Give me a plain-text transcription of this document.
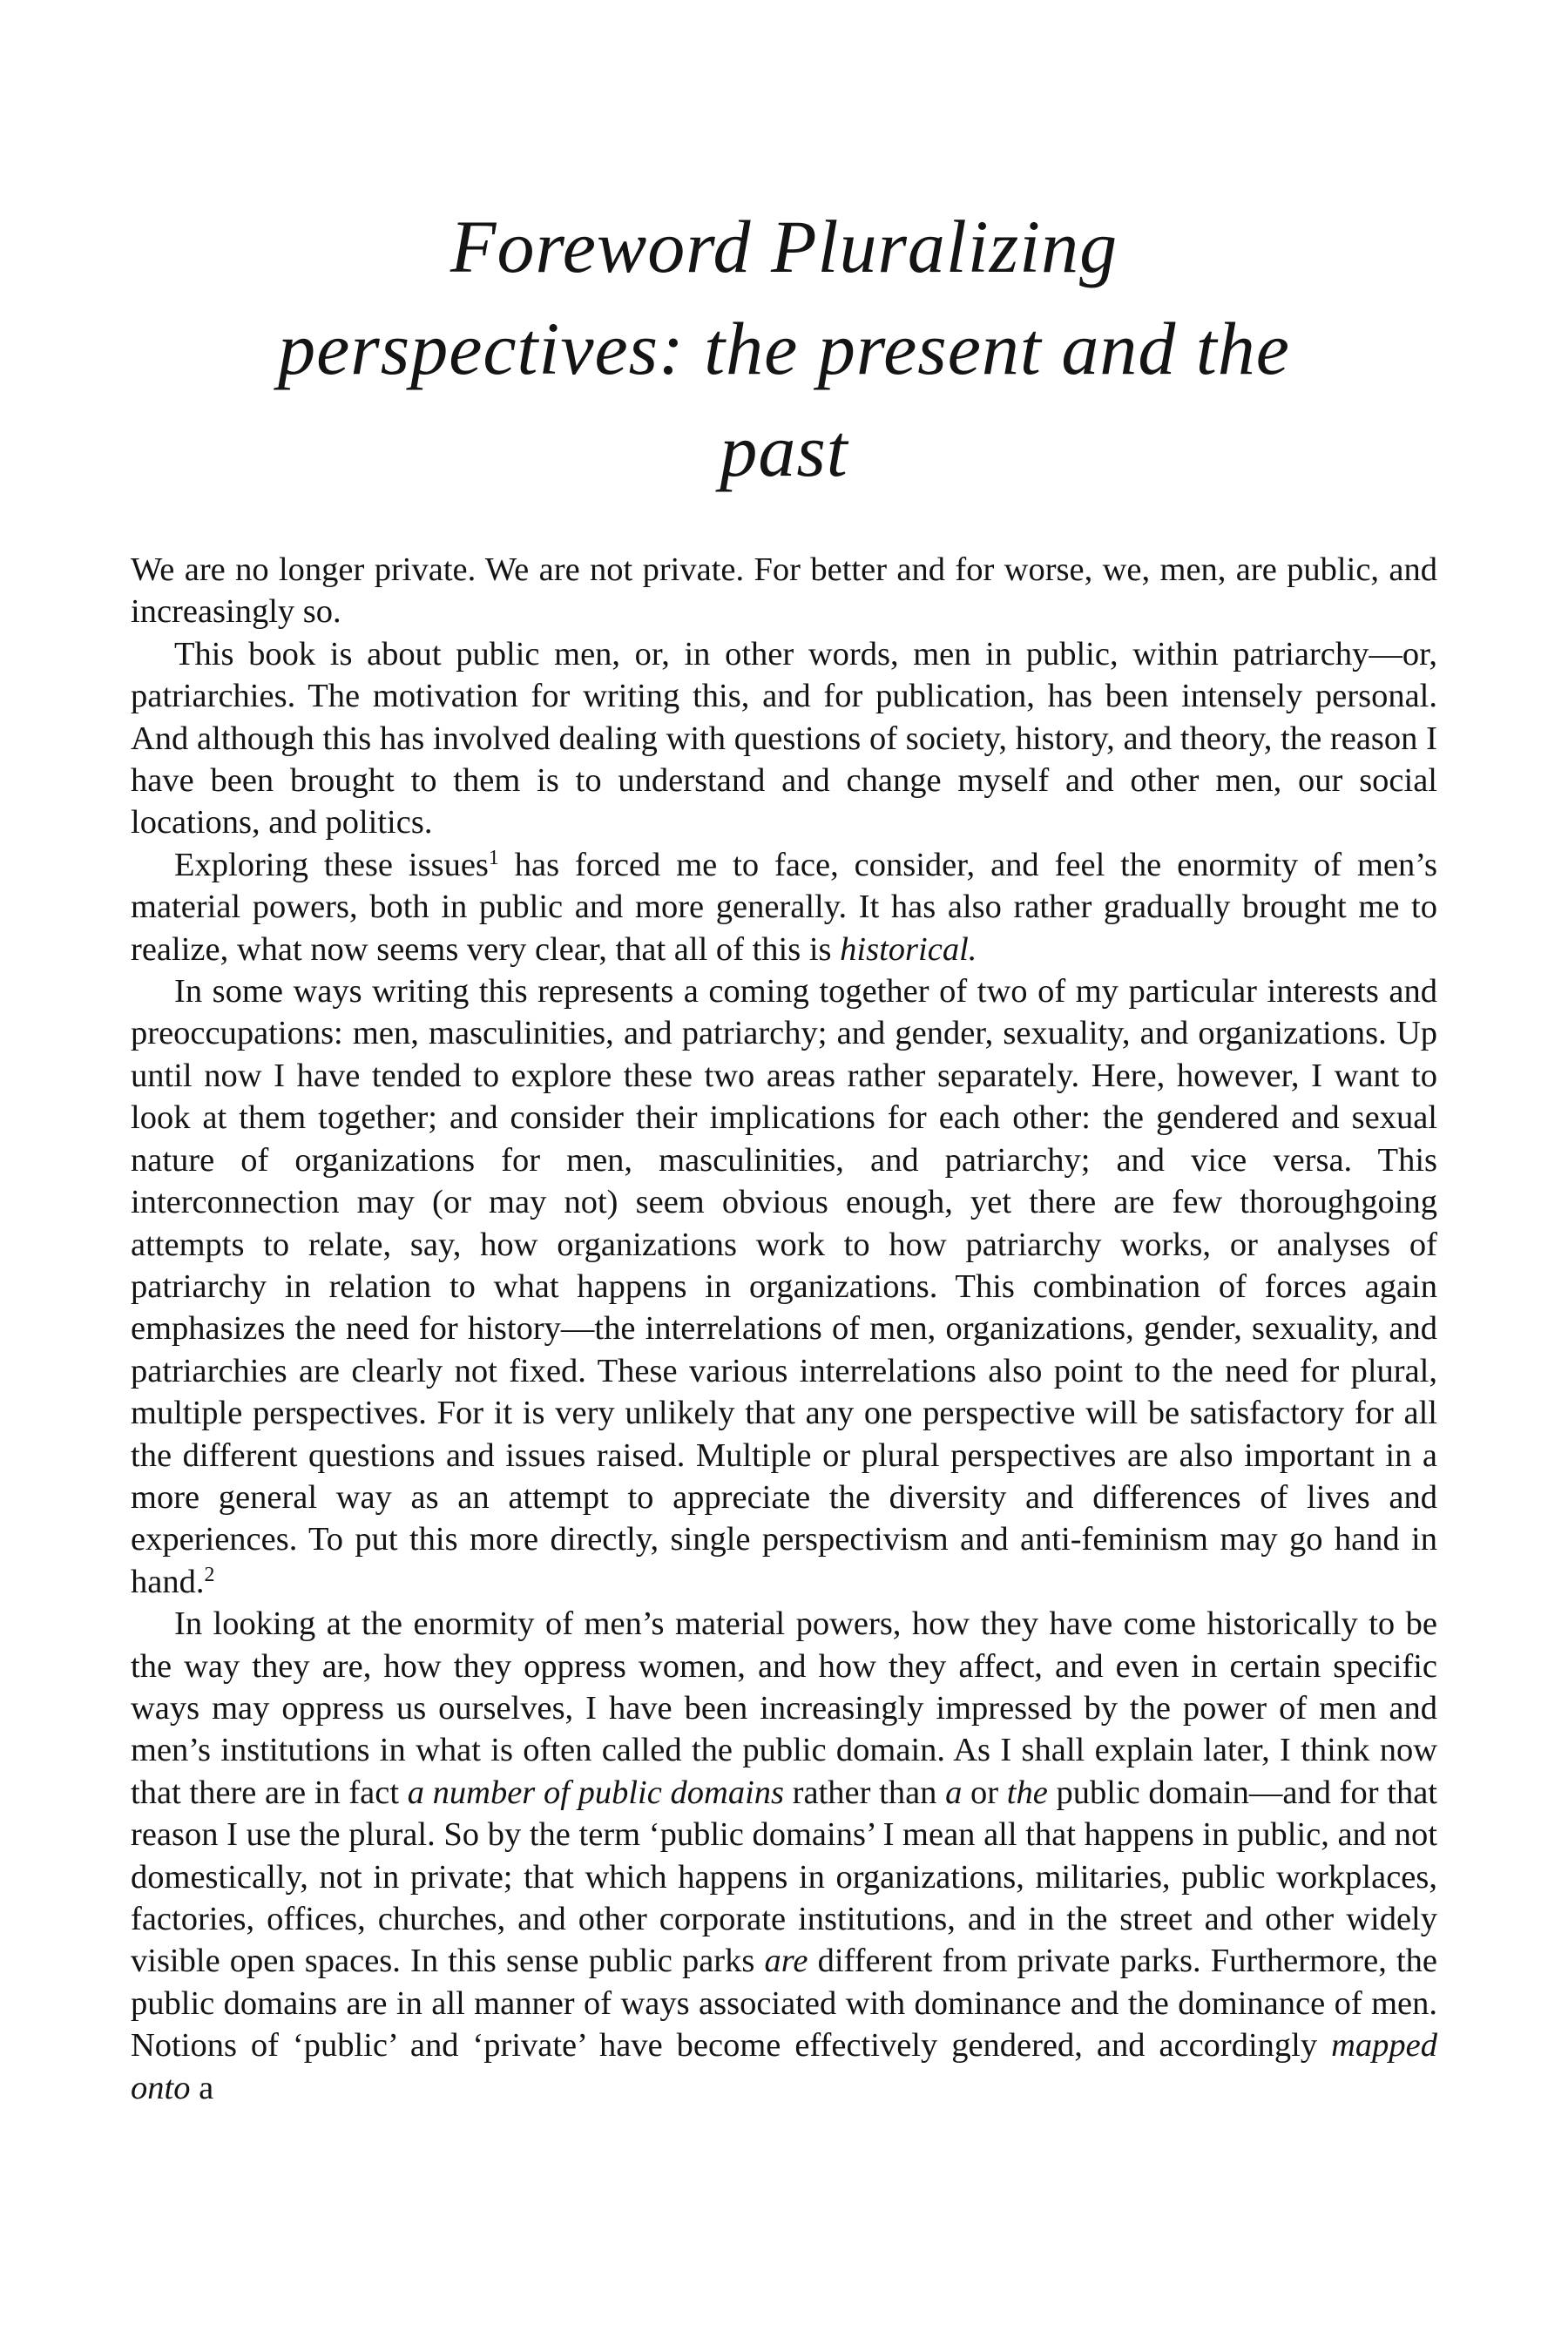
Foreword Pluralizing
perspectives: the present and the
past

We are no longer private. We are not private. For better and for worse, we, men, are public, and increasingly so.

This book is about public men, or, in other words, men in public, within patriarchy—or, patriarchies. The motivation for writing this, and for publication, has been intensely personal. And although this has involved dealing with questions of society, history, and theory, the reason I have been brought to them is to understand and change myself and other men, our social locations, and politics.

Exploring these issues$^1$ has forced me to face, consider, and feel the enormity of men’s material powers, both in public and more generally. It has also rather gradually brought me to realize, what now seems very clear, that all of this is historical.

In some ways writing this represents a coming together of two of my particular interests and preoccupations: men, masculinities, and patriarchy; and gender, sexuality, and organizations. Up until now I have tended to explore these two areas rather separately. Here, however, I want to look at them together; and consider their implications for each other: the gendered and sexual nature of organizations for men, masculinities, and patriarchy; and vice versa. This interconnection may (or may not) seem obvious enough, yet there are few thoroughgoing attempts to relate, say, how organizations work to how patriarchy works, or analyses of patriarchy in relation to what happens in organizations. This combination of forces again emphasizes the need for history—the interrelations of men, organizations, gender, sexuality, and patriarchies are clearly not fixed. These various interrelations also point to the need for plural, multiple perspectives. For it is very unlikely that any one perspective will be satisfactory for all the different questions and issues raised. Multiple or plural perspectives are also important in a more general way as an attempt to appreciate the diversity and differences of lives and experiences. To put this more directly, single perspectivism and anti-feminism may go hand in hand.$^2$

In looking at the enormity of men’s material powers, how they have come historically to be the way they are, how they oppress women, and how they affect, and even in certain specific ways may oppress us ourselves, I have been increasingly impressed by the power of men and men’s institutions in what is often called the public domain. As I shall explain later, I think now that there are in fact a number of public domains rather than a or the public domain—and for that reason I use the plural. So by the term ‘public domains’ I mean all that happens in public, and not domestically, not in private; that which happens in organizations, militaries, public workplaces, factories, offices, churches, and other corporate institutions, and in the street and other widely visible open spaces. In this sense public parks are different from private parks. Furthermore, the public domains are in all manner of ways associated with dominance and the dominance of men. Notions of ‘public’ and ‘private’ have become effectively gendered, and accordingly mapped onto a
